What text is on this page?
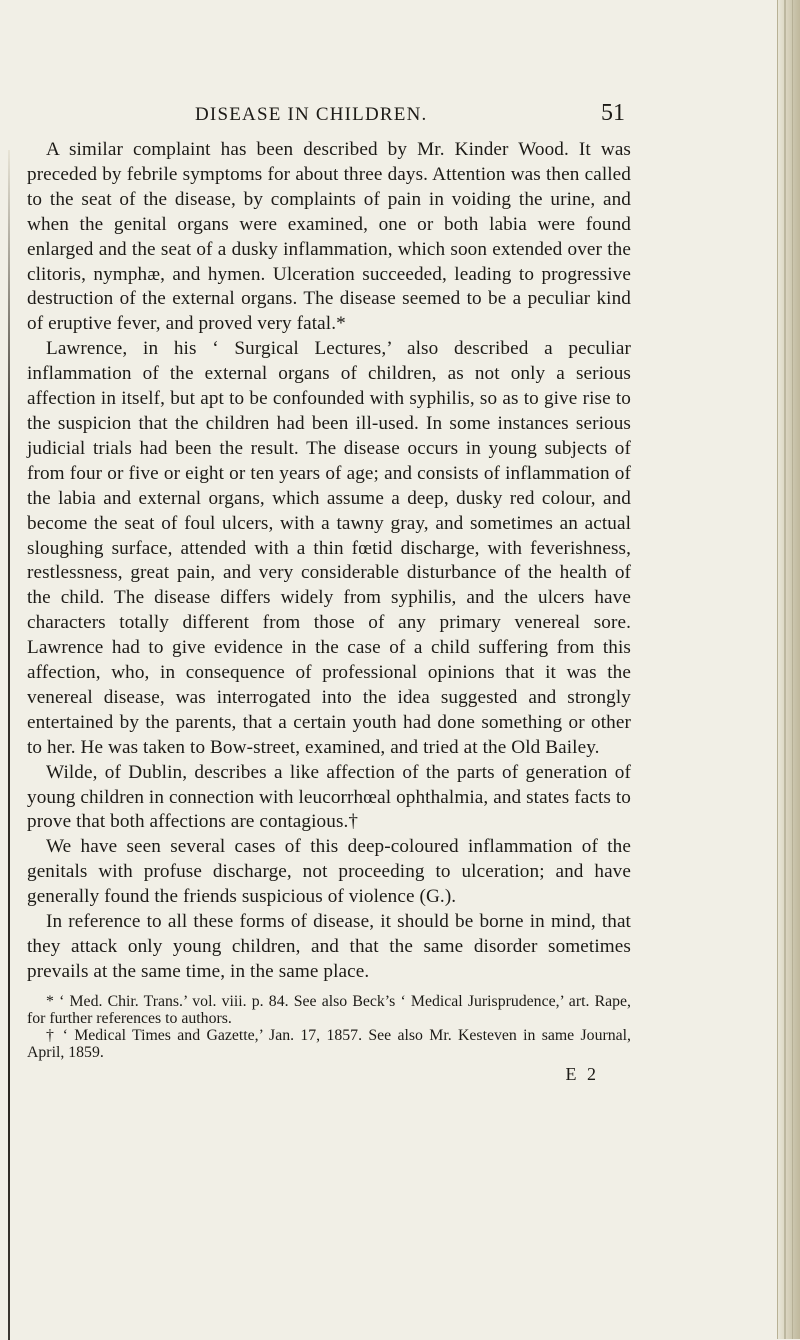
DISEASE IN CHILDREN.	51

A similar complaint has been described by Mr. Kinder Wood. It was preceded by febrile symptoms for about three days. Attention was then called to the seat of the disease, by complaints of pain in voiding the urine, and when the genital organs were examined, one or both labia were found enlarged and the seat of a dusky inflammation, which soon extended over the clitoris, nymphæ, and hymen. Ulceration succeeded, leading to progressive destruction of the external organs. The disease seemed to be a peculiar kind of eruptive fever, and proved very fatal.*

Lawrence, in his ‘ Surgical Lectures,’ also described a peculiar inflammation of the external organs of children, as not only a serious affection in itself, but apt to be confounded with syphilis, so as to give rise to the suspicion that the children had been ill-used. In some instances serious judicial trials had been the result. The disease occurs in young subjects of from four or five or eight or ten years of age; and consists of inflammation of the labia and external organs, which assume a deep, dusky red colour, and become the seat of foul ulcers, with a tawny gray, and sometimes an actual sloughing surface, attended with a thin fœtid discharge, with feverishness, restlessness, great pain, and very considerable disturbance of the health of the child. The disease differs widely from syphilis, and the ulcers have characters totally different from those of any primary venereal sore. Lawrence had to give evidence in the case of a child suffering from this affection, who, in consequence of professional opinions that it was the venereal disease, was interrogated into the idea suggested and strongly entertained by the parents, that a certain youth had done something or other to her. He was taken to Bow-street, examined, and tried at the Old Bailey.

Wilde, of Dublin, describes a like affection of the parts of generation of young children in connection with leucorrhœal ophthalmia, and states facts to prove that both affections are contagious.†

We have seen several cases of this deep-coloured inflammation of the genitals with profuse discharge, not proceeding to ulceration; and have generally found the friends suspicious of violence (G.).

In reference to all these forms of disease, it should be borne in mind, that they attack only young children, and that the same disorder sometimes prevails at the same time, in the same place.

* ‘ Med. Chir. Trans.’ vol. viii. p. 84. See also Beck’s ‘ Medical Jurisprudence,’ art. Rape, for further references to authors.

† ‘ Medical Times and Gazette,’ Jan. 17, 1857. See also Mr. Kesteven in same Journal, April, 1859.

E 2
